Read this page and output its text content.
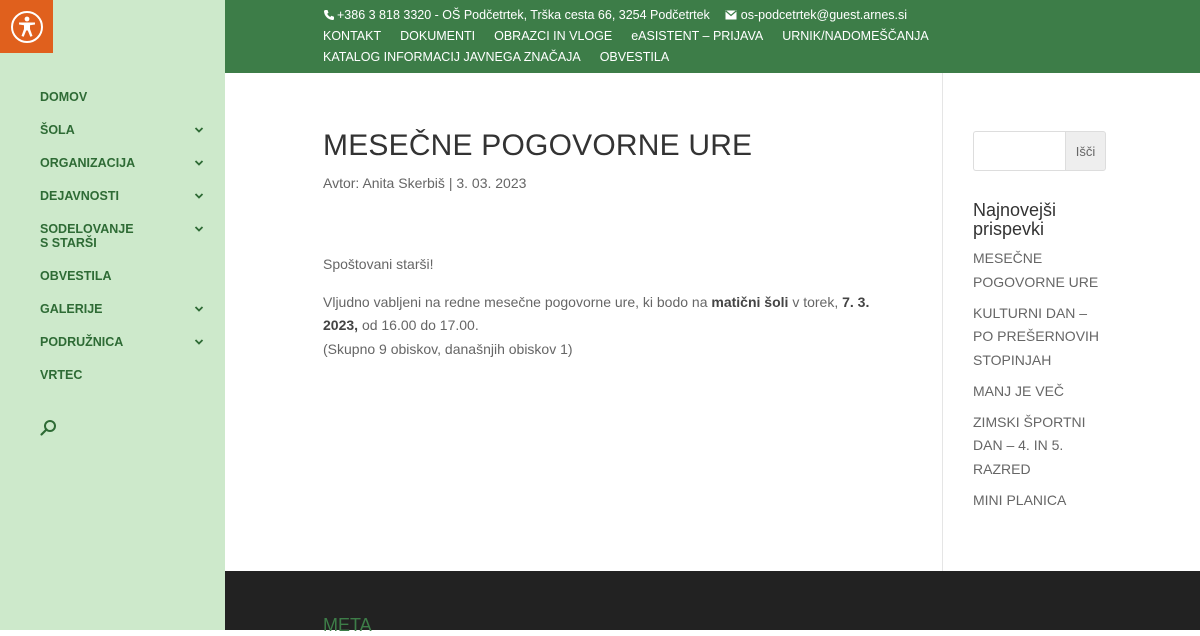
DOMOV
ŠOLA
ORGANIZACIJA
DEJAVNOSTI
SODELOVANJE S STARŠI
OBVESTILA
GALERIJE
PODRUŽNICA
VRTEC
+386 3 818 3320 - OŠ Podčetrtek, Trška cesta 66, 3254 Podčetrtek os-podcetrtek@guest.arnes.si
KONTAKT DOKUMENTI OBRAZCI IN VLOGE eASISTENT – PRIJAVA URNIK/NADOMEŠČANJA
KATALOG INFORMACIJ JAVNEGA ZNAČAJA OBVESTILA
MESEČNE POGOVORNE URE
Avtor: Anita Skerbiš | 3. 03. 2023

Spoštovani starši!

Vljudno vabljeni na redne mesečne pogovorne ure, ki bodo na matični šoli v torek, 7. 3. 2023, od 16.00 do 17.00.
(Skupno 9 obiskov, današnjih obiskov 1)

Išči
Najnovejši prispevki
MESEČNE POGOVORNE URE
KULTURNI DAN – PO PREŠERNOVIH STOPINJAH
MANJ JE VEČ
ZIMSKI ŠPORTNI DAN – 4. IN 5. RAZRED
MINI PLANICA
META
